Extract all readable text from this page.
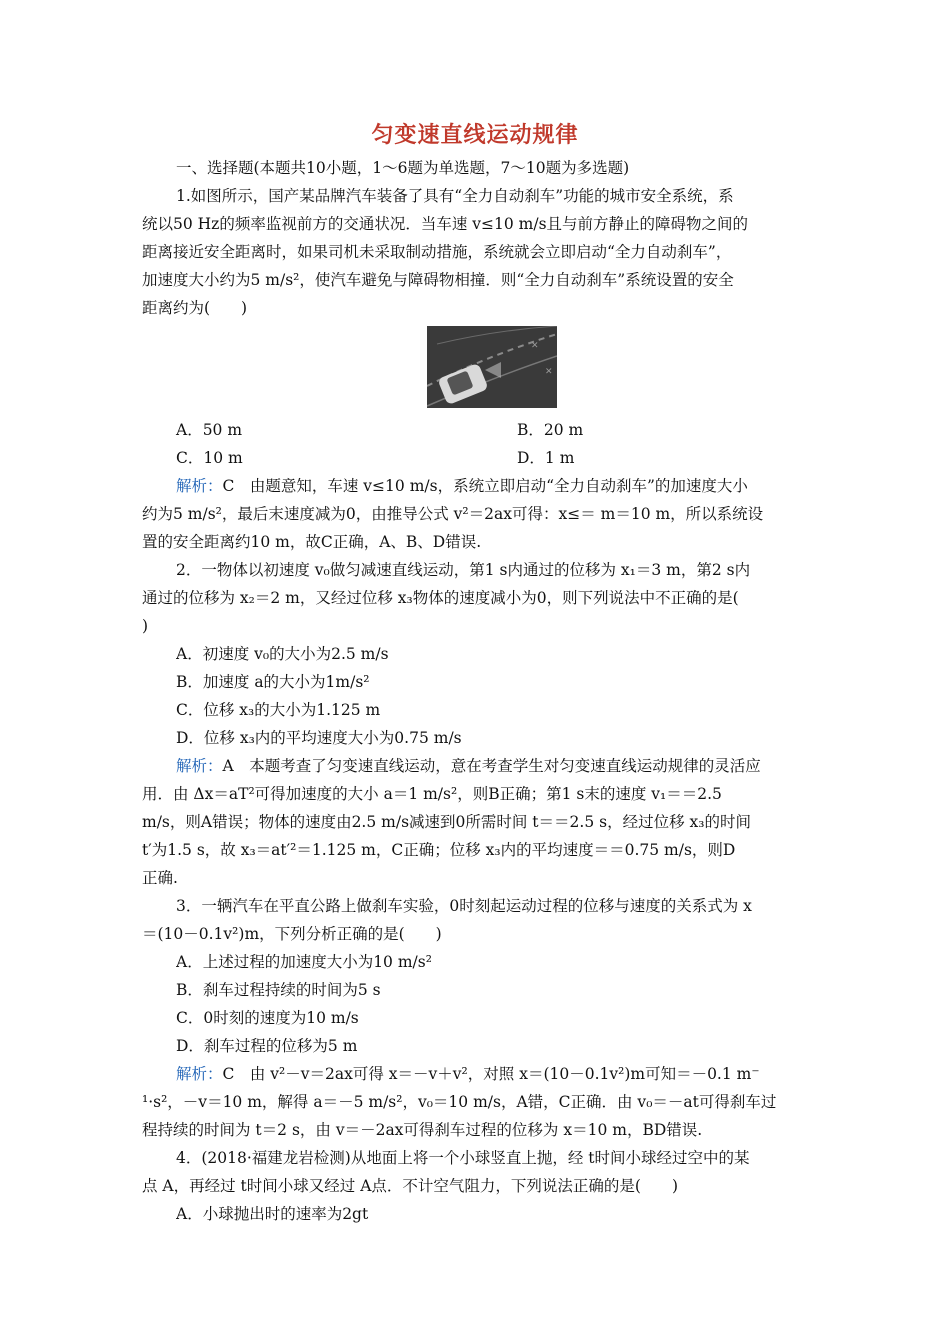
匀变速直线运动规律
一、选择题(本题共10小题，1～6题为单选题，7～10题为多选题)
1.如图所示，国产某品牌汽车装备了具有“全力自动刹车”功能的城市安全系统，系
统以50 Hz的频率监视前方的交通状况．当车速 v≤10 m/s且与前方静止的障碍物之间的
距离接近安全距离时，如果司机未采取制动措施，系统就会立即启动“全力自动刹车”，
加速度大小约为5 m/s²，使汽车避免与障碍物相撞．则“全力自动刹车”系统设置的安全
距离约为(　　)
✕
✕
A．50 m	B．20 m
C．10 m	D．1 m
解析：C　由题意知，车速 v≤10 m/s，系统立即启动“全力自动刹车”的加速度大小
约为5 m/s²，最后末速度减为0，由推导公式 v²＝2ax可得：x≤＝ m＝10 m，所以系统设
置的安全距离约10 m，故C正确，A、B、D错误.
2．一物体以初速度 v₀做匀减速直线运动，第1 s内通过的位移为 x₁＝3 m，第2 s内
通过的位移为 x₂＝2 m，又经过位移 x₃物体的速度减小为0，则下列说法中不正确的是(
)
A．初速度 v₀的大小为2.5 m/s
B．加速度 a的大小为1m/s²
C．位移 x₃的大小为1.125 m
D．位移 x₃内的平均速度大小为0.75 m/s
解析：A　本题考查了匀变速直线运动，意在考查学生对匀变速直线运动规律的灵活应
用．由 Δx＝aT²可得加速度的大小 a＝1 m/s²，则B正确；第1 s末的速度 v₁＝＝2.5
m/s，则A错误；物体的速度由2.5 m/s减速到0所需时间 t＝＝2.5 s，经过位移 x₃的时间
t′为1.5 s，故 x₃＝at′²＝1.125 m，C正确；位移 x₃内的平均速度＝＝0.75 m/s，则D
正确.
3．一辆汽车在平直公路上做刹车实验，0时刻起运动过程的位移与速度的关系式为 x
＝(10－0.1v²)m，下列分析正确的是(　　)
A．上述过程的加速度大小为10 m/s²
B．刹车过程持续的时间为5 s
C．0时刻的速度为10 m/s
D．刹车过程的位移为5 m
解析：C　由 v²－v＝2ax可得 x＝－v＋v²，对照 x＝(10－0.1v²)m可知＝－0.1 m⁻
¹·s²，－v＝10 m，解得 a＝－5 m/s²，v₀＝10 m/s，A错，C正确．由 v₀＝－at可得刹车过
程持续的时间为 t＝2 s，由 v＝－2ax可得刹车过程的位移为 x＝10 m，BD错误.
4．(2018·福建龙岩检测)从地面上将一个小球竖直上抛，经 t时间小球经过空中的某
点 A，再经过 t时间小球又经过 A点．不计空气阻力，下列说法正确的是(　　)
A．小球抛出时的速率为2gt
